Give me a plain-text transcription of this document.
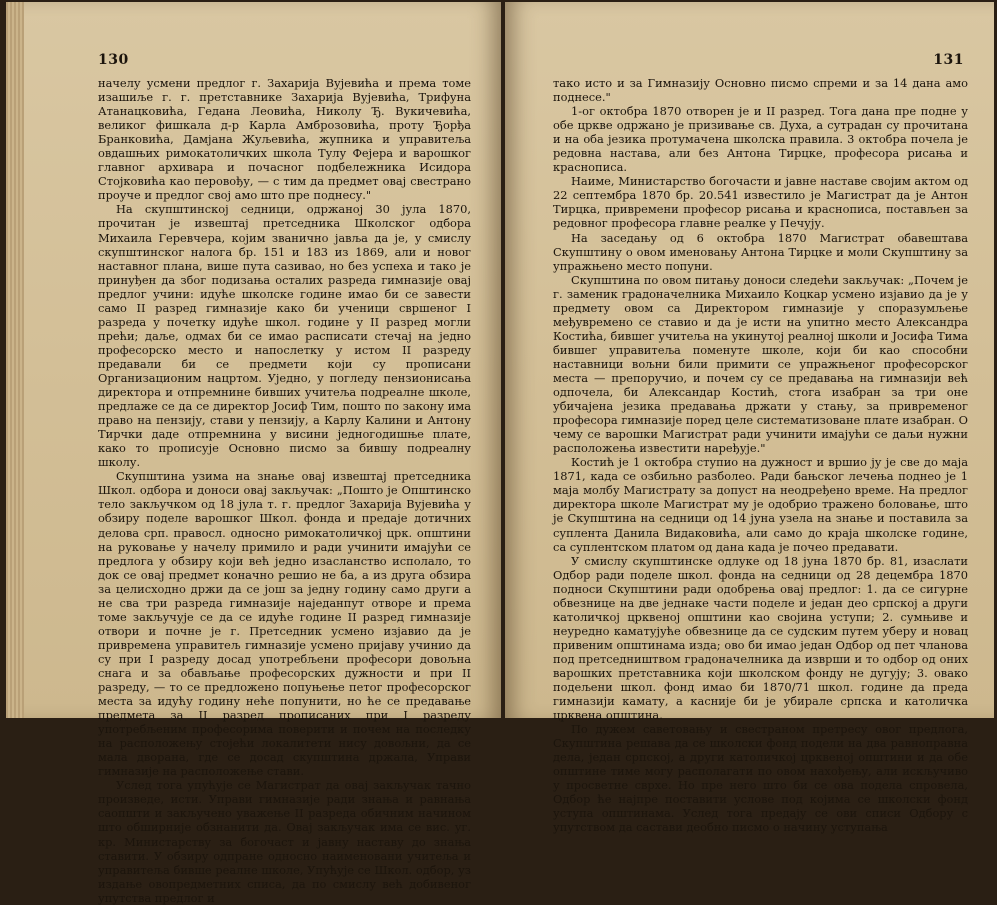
130

начелу усмени предлог г. Захарија Вујевића и према томе изашиље г. г. претставнике Захарија Вујевића, Трифуна Атанацковића, Гедана Леовића, Николу Ђ. Вукичевића, великог фишкала д-р Карла Амброзовића, проту Ђорђа Бранковића, Дамјана Жуљевића, жупника и управитеља овдашњих римокатоличких школа Тулу Фејера и варошког главног архивара и почасног подбележника Исидора Стојковића као перовођу, — с тим да предмет овај свестрано проуче и предлог свој амо што пре поднесу."

На скупштинској седници, одржаној 30 јула 1870, прочитан је извештај претседника Школског одбора Михаила Геревчера, којим званично јавља да је, у смислу скупштинског налога бр. 151 и 183 из 1869, али и новог наставног плана, више пута сазивао, но без успеха и тако је принуђен да због подизања осталих разреда гимназије овај предлог учини: идуће школске године имао би се завести само II разред гимназије како би ученици свршеног I разреда у почетку идуће школ. године у II разред могли прећи; даље, одмах би се имао расписати стечај на једно професорско место и напослетку у истом II разреду предавали би се предмети који су прописани Организационим нацртом. Уједно, у погледу пензионисања директора и отпремнине бивших учитеља подреалне школе, предлаже се да се директор Јосиф Тим, пошто по закону има право на пензију, стави у пензију, а Карлу Калини и Антону Тирчки даде отпремнина у висини једногодишње плате, како то прописује Основно писмо за бившу подреалну школу.

Скупштина узима на знање овај извештај претседника Школ. одбора и доноси овај закључак: „Пошто је Општинско тело закључком од 18 јула т. г. предлог Захарија Вујевића у обзиру поделе варошког Школ. фонда и предаје дотичних делова срп. правосл. односно римокатоличкој црк. општини на руковање у начелу примило и ради учинити имајући се предлога у обзиру који већ једно изасланство исполало, то док се овај предмет коначно решио не ба, а из друга обзира за целисходно држи да се још за једну годину само други а не сва три разреда гимназије наједанпут отворе и према томе закључује се да се идуће године II разред гимназије отвори и почне је г. Претседник усмено изјавио да је привремена управитељ гимназије усмено пријаву учинио да су при I разреду досад употребљени професори довољна снага и за обављање професорских дужности и при II разреду, — то се предложено попуњење петог професорског места за идућу годину неће попунити, но ће се предавање предмета за II разред прописаних при I разреду употребљеним професорима поверити и почем на последку на расположењу стојећи локалитети нису довољни, да се мала дворана, где се досад скупштина држала, Управи гимназије на расположење стави.

Услед тога упућује се Магистрат да овај закључак тачно произведе, исти. Управи гимназије ради знања и равнања саопшти и закључено уважење II разреда обичним начином што обширније обзнанити да. Овај закључак има се вис. уг. кр. Министарству за богочаст и јавну наставу до знања ставити. У обзиру одпране односно наименовани учитеља и управитеља бивше реалне школе, Упућује се Школ. одбор, уз издање овопредметних списа, да по смислу већ добивеног упутства предлог и

131

тако исто и за Гимназију Основно писмо спреми и за 14 дана амо поднесе."

1-ог октобра 1870 отворен је и II разред. Тога дана пре подне у обе цркве одржано је призивање св. Духа, а сутрадан су прочитана и на оба језика протумачена школска правила. 3 октобра почела је редовна настава, али без Антона Тирцке, професора рисања и краснописа.

Наиме, Министарство богочасти и јавне наставе својим актом од 22 септембра 1870 бр. 20.541 известило је Магистрат да је Антон Тирцка, привремени професор рисања и краснописа, постављен за редовног професора главне реалке у Печују.

На заседању од 6 октобра 1870 Магистрат обавештава Скупштину о овом именовању Антона Тирцке и моли Скупштину за упражњено место попуни.

Скупштина по овом питању доноси следећи закључак: „Почем је г. заменик градоначелника Михаило Коцкар усмено изјавио да је у предмету овом са Директором гимназије у споразумљење међувремено се ставио и да је исти на упитно место Александра Костића, бившег учитеља на укинутој реалној школи и Јосифа Тима бившег управитеља поменуте школе, који би као способни наставници вољни били примити се упражњеног професорског места — препоручио, и почем су се предавања на гимназији већ одпочела, би Александар Костић, стога изабран за три оне убичајена језика предавања држати у стању, за привременог професора гимназије поред целе систематизоване плате изабран. О чему се варошки Магистрат ради учинити имајући се даљи нужни расположења известити наређује."

Костић је 1 октобра ступио на дужност и вршио ју је све до маја 1871, када се озбиљно разболео. Ради бањског лечења поднео је 1 маја молбу Магистрату за допуст на неодређено време. На предлог директора школе Магистрат му је одобрио тражено боловање, што је Скупштина на седници од 14 јуна узела на знање и поставила за суплента Данила Видаковића, али само до краја школске године, са суплентском платом од дана када је почео предавати.

У смислу скупштинске одлуке од 18 јуна 1870 бр. 81, изаслати Одбор ради поделе школ. фонда на седници од 28 децембра 1870 подноси Скупштини ради одобрења овај предлог: 1. да се сигурне обвезнице на две једнаке части поделе и један део српској а други католичкој црквеној општини као својина уступи; 2. сумњиве и неуредно каматујуће обвезнице да се судским путем уберу и новац привеним општинама изда; ово би имао један Одбор од пет чланова под претседништвом градоначелника да изврши и то одбор од оних варошких претставника који школском фонду не дугују; 3. овако подељени школ. фонд имао би 1870/71 школ. године да преда гимназији камату, а касније би је убирале српска и католичка црквена општина.

По дужем саветовању и свестраном претресу овог предлога, Скупштина решава да се школски фонд подели на два равноправна дела, један српској, а други католичкој црквеној општини и да обе општине тиме могу располагати по овом нахођењу, али искључиво у просветне сврхе. Но пре него што би се ова подела спровела, Одбор ће најпре поставити услове под којима се школски фонд уступа општинама. Услед тога предају се ови списи Одбору с упутством да састави деобно писмо о начину уступања
